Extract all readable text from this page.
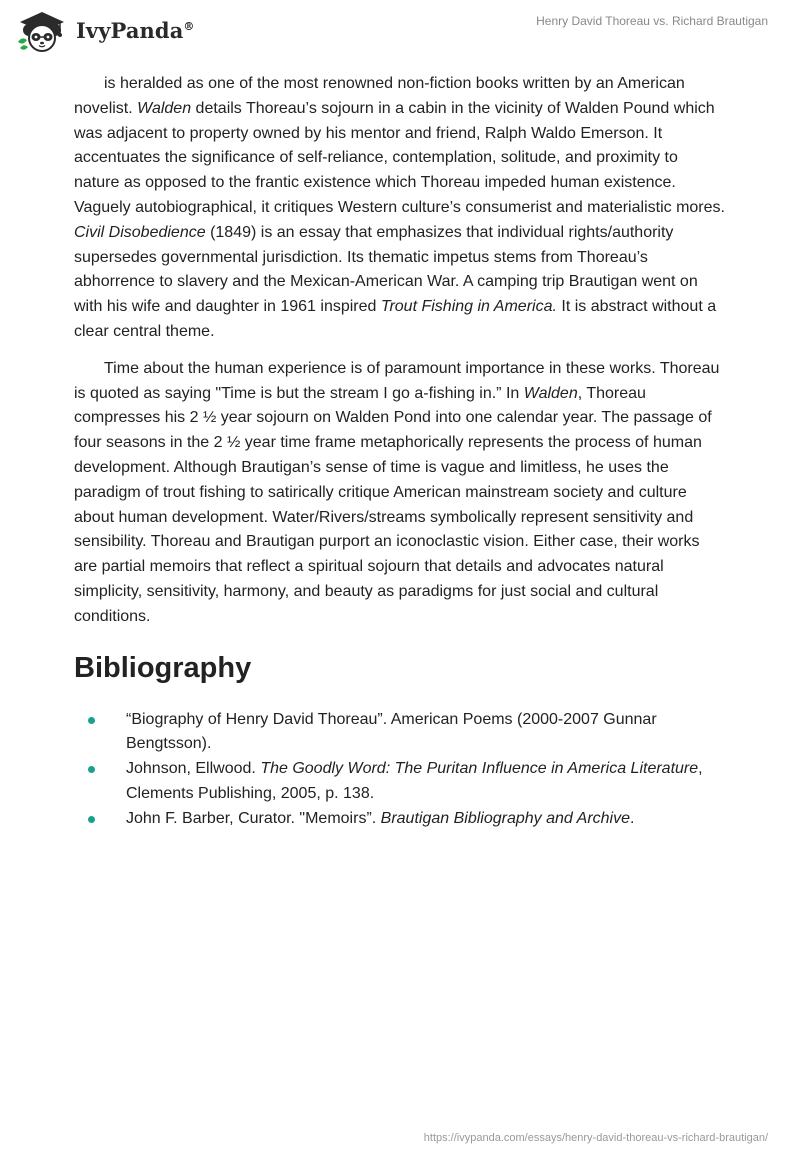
IvyPanda®	Henry David Thoreau vs. Richard Brautigan

is heralded as one of the most renowned non-fiction books written by an American novelist. Walden details Thoreau’s sojourn in a cabin in the vicinity of Walden Pound which was adjacent to property owned by his mentor and friend, Ralph Waldo Emerson. It accentuates the significance of self-reliance, contemplation, solitude, and proximity to nature as opposed to the frantic existence which Thoreau impeded human existence. Vaguely autobiographical, it critiques Western culture’s consumerist and materialistic mores. Civil Disobedience (1849) is an essay that emphasizes that individual rights/authority supersedes governmental jurisdiction. Its thematic impetus stems from Thoreau’s abhorrence to slavery and the Mexican-American War. A camping trip Brautigan went on with his wife and daughter in 1961 inspired Trout Fishing in America. It is abstract without a clear central theme.

Time about the human experience is of paramount importance in these works. Thoreau is quoted as saying "Time is but the stream I go a-fishing in.” In Walden, Thoreau compresses his 2 ½ year sojourn on Walden Pond into one calendar year. The passage of four seasons in the 2 ½ year time frame metaphorically represents the process of human development. Although Brautigan’s sense of time is vague and limitless, he uses the paradigm of trout fishing to satirically critique American mainstream society and culture about human development. Water/Rivers/streams symbolically represent sensitivity and sensibility. Thoreau and Brautigan purport an iconoclastic vision. Either case, their works are partial memoirs that reflect a spiritual sojourn that details and advocates natural simplicity, sensitivity, harmony, and beauty as paradigms for just social and cultural conditions.

Bibliography
“Biography of Henry David Thoreau”. American Poems (2000-2007 Gunnar Bengtsson).
Johnson, Ellwood. The Goodly Word: The Puritan Influence in America Literature, Clements Publishing, 2005, p. 138.
John F. Barber, Curator. "Memoirs”. Brautigan Bibliography and Archive.
https://ivypanda.com/essays/henry-david-thoreau-vs-richard-brautigan/
